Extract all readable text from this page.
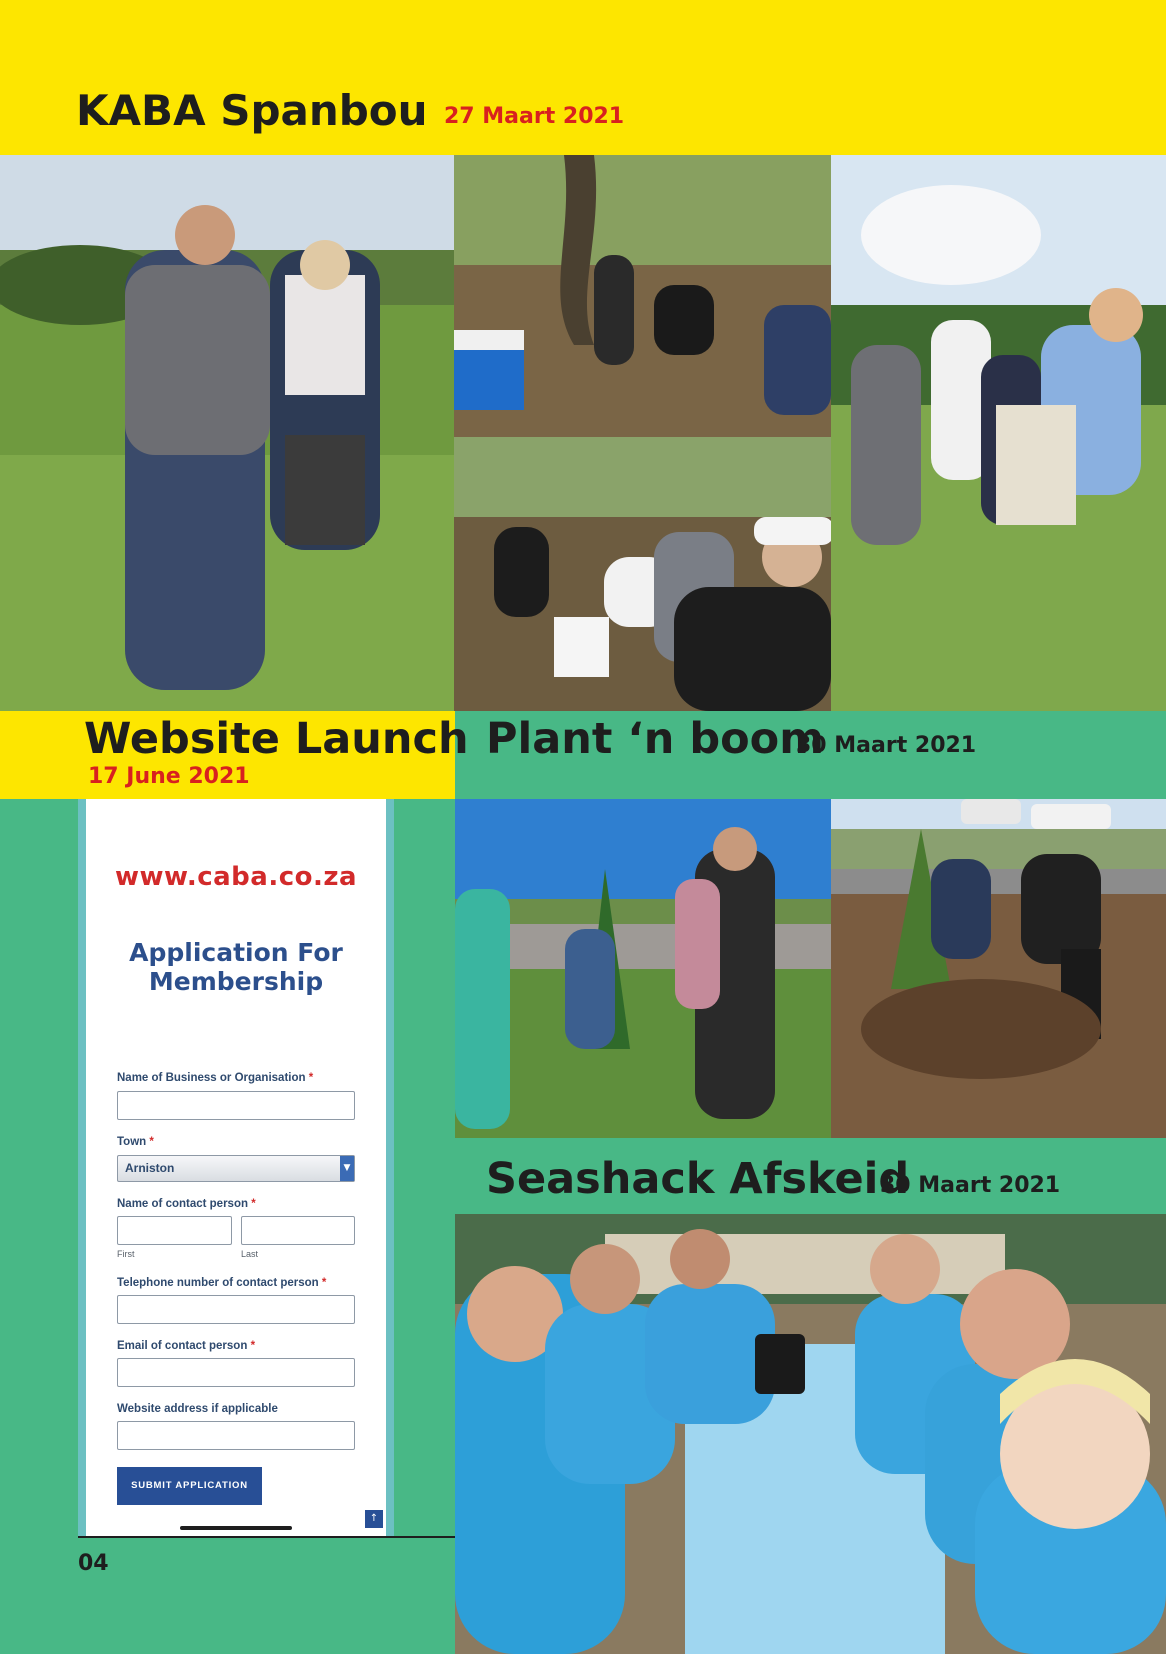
KABA Spanbou 27 Maart 2021
Website Launch
17 June 2021
Plant ‘n boom
30 Maart 2021
www.caba.co.za
Application For
Membership
Name of Business or Organisation *
Town *
Arniston	▼
Name of contact person *
First	Last
Telephone number of contact person *
Email of contact person *
Website address if applicable
SUBMIT APPLICATION
↑
04
Seashack Afskeid
30 Maart 2021
